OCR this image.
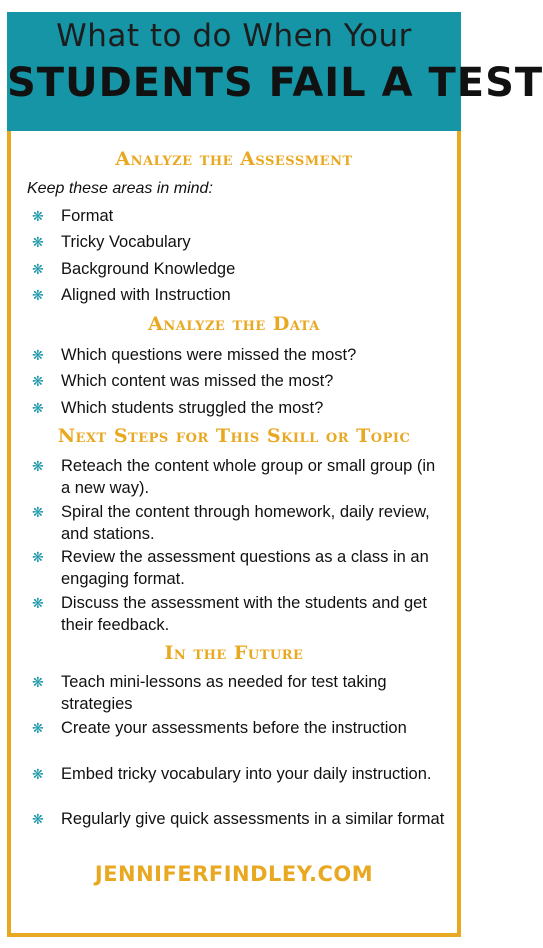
What to do When Your
STUDENTS FAIL A TEST
Analyze the Assessment
Keep these areas in mind:
❋	Format
❋	Tricky Vocabulary
❋	Background Knowledge
❋	Aligned with Instruction
Analyze the Data
❋	Which questions were missed the most?
❋	Which content was missed the most?
❋	Which students struggled the most?
Next Steps for This Skill or Topic
❋	Reteach the content whole group or small group (in a new way).
❋	Spiral the content through homework, daily review, and stations.
❋	Review the assessment questions as a class in an engaging format.
❋	Discuss the assessment with the students and get their feedback.
In the Future
❋	Teach mini-lessons as needed for test taking strategies
❋	Create your assessments before the instruction
❋	Embed tricky vocabulary into your daily instruction.
❋	Regularly give quick assessments in a similar format
JENNIFERFINDLEY.COM
